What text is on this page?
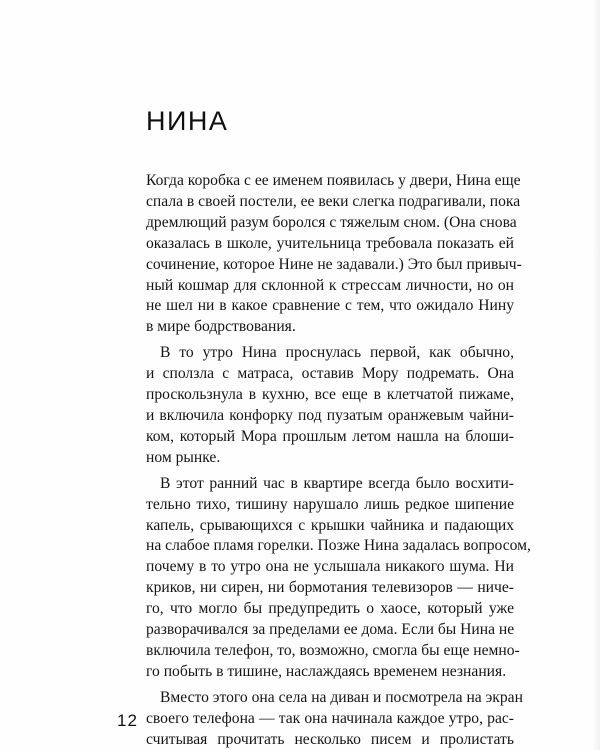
НИНА

Когда коробка с ее именем появилась у двери, Нина еще
спала в своей постели, ее веки слегка подрагивали, пока
дремлющий разум боролся с тяжелым сном. (Она снова
оказалась в школе, учительница требовала показать ей
сочинение, которое Нине не задавали.) Это был привыч-
ный кошмар для склонной к стрессам личности, но он
не шел ни в какое сравнение с тем, что ожидало Нину
в мире бодрствования.

В то утро Нина проснулась первой, как обычно,
и сползла с матраса, оставив Мору подремать. Она
проскользнула в кухню, все еще в клетчатой пижаме,
и включила конфорку под пузатым оранжевым чайни-
ком, который Мора прошлым летом нашла на блоши-
ном рынке.

В этот ранний час в квартире всегда было восхити-
тельно тихо, тишину нарушало лишь редкое шипение
капель, срывающихся с крышки чайника и падающих
на слабое пламя горелки. Позже Нина задалась вопросом,
почему в то утро она не услышала никакого шума. Ни
криков, ни сирен, ни бормотания телевизоров — ниче-
го, что могло бы предупредить о хаосе, который уже
разворачивался за пределами ее дома. Если бы Нина не
включила телефон, то, возможно, смогла бы еще немно-
го побыть в тишине, наслаждаясь временем незнания.

Вместо этого она села на диван и посмотрела на экран
своего телефона — так она начинала каждое утро, рас-
считывая прочитать несколько писем и пролистать

12
